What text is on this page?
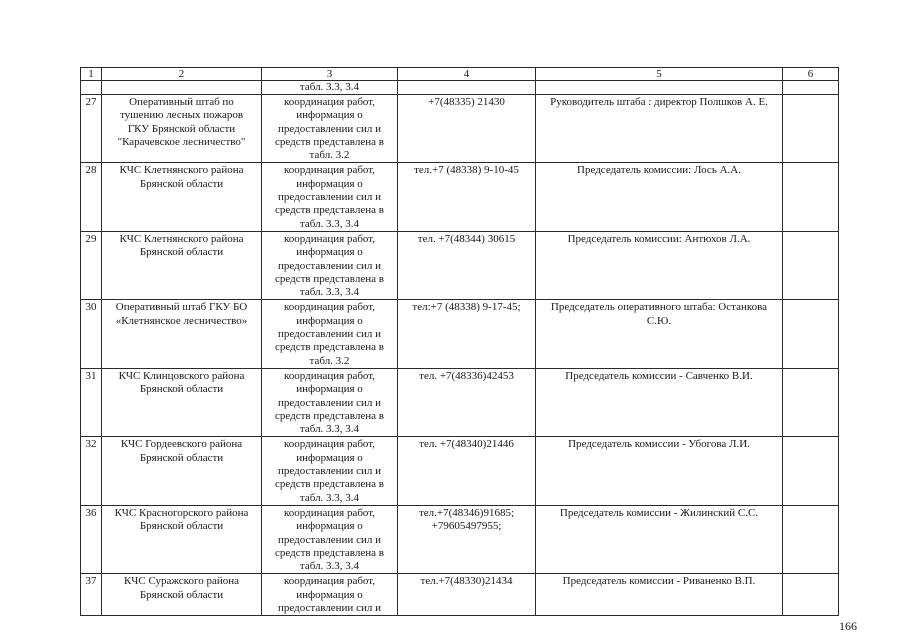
1	2	3	4	5	6
		табл. 3.3, 3.4			
27	Оперативный штаб по
тушению лесных пожаров
ГКУ Брянской области
"Карачевское лесничество"	координация работ,
информация о
предоставлении сил и
средств представлена в
табл. 3.2	+7(48335) 21430	Руководитель штаба : директор Полшков А. Е.	

28	КЧС Клетнянского района
Брянской области	координация работ,
информация о
предоставлении сил и
средств представлена в
табл. 3.3, 3.4	тел.+7 (48338) 9-10-45	Председатель комиссии: Лось А.А.	

29	КЧС Клетнянского района
Брянской области	координация работ,
информация о
предоставлении сил и
средств представлена в
табл. 3.3, 3.4	тел. +7(48344) 30615	Председатель комиссии: Антюхов Л.А.	

30	Оперативный штаб ГКУ БО
«Клетнянское лесничество»	координация работ,
информация о
предоставлении сил и
средств представлена в
табл. 3.2	тел:+7 (48338) 9-17-45;	Председатель оперативного штаба: Останкова
С.Ю.	

31	КЧС Клинцовского района
Брянской области	координация работ,
информация о
предоставлении сил и
средств представлена в
табл. 3.3, 3.4	тел. +7(48336)42453	Председатель комиссии - Савченко В.И.	

32	КЧС Гордеевского района
Брянской области	координация работ,
информация о
предоставлении сил и
средств представлена в
табл. 3.3, 3.4	тел. +7(48340)21446	Председатель комиссии - Убогова Л.И.	

36	КЧС Красногорского района
Брянской области	координация работ,
информация о
предоставлении сил и
средств представлена в
табл. 3.3, 3.4	тел.+7(48346)91685;
+79605497955;	Председатель комиссии - Жилинский С.С.	

37	КЧС Суражского района
Брянской области	координация работ,
информация о
предоставлении сил и	тел.+7(48330)21434	Председатель комиссии - Риваненко В.П.	

166
